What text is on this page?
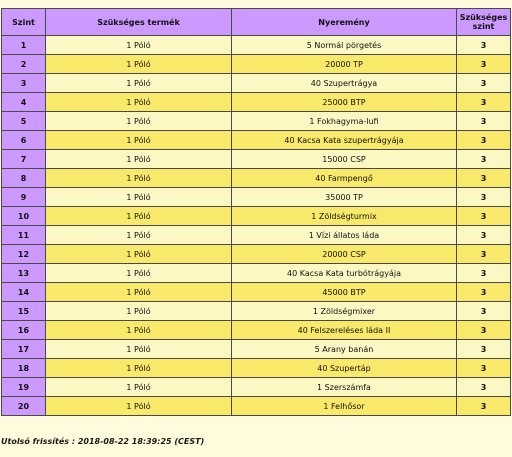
Szint	Szükséges termék	Nyeremény	Szükséges szint
1	1 Póló	5 Normál pörgetés	3
2	1 Póló	20000 TP	3
3	1 Póló	40 Szupertrágya	3
4	1 Póló	25000 BTP	3
5	1 Póló	1 Fokhagyma-lufi	3
6	1 Póló	40 Kacsa Kata szupertrágyája	3
7	1 Póló	15000 CSP	3
8	1 Póló	40 Farmpengő	3
9	1 Póló	35000 TP	3
10	1 Póló	1 Zöldségturmix	3
11	1 Póló	1 Vízi állatos láda	3
12	1 Póló	20000 CSP	3
13	1 Póló	40 Kacsa Kata turbótrágyája	3
14	1 Póló	45000 BTP	3
15	1 Póló	1 Zöldségmixer	3
16	1 Póló	40 Felszereléses láda II	3
17	1 Póló	5 Arany banán	3
18	1 Póló	40 Szupertáp	3
19	1 Póló	1 Szerszámfa	3
20	1 Póló	1 Felhősor	3
Utolsó frissítés : 2018-08-22 18:39:25 (CEST)
